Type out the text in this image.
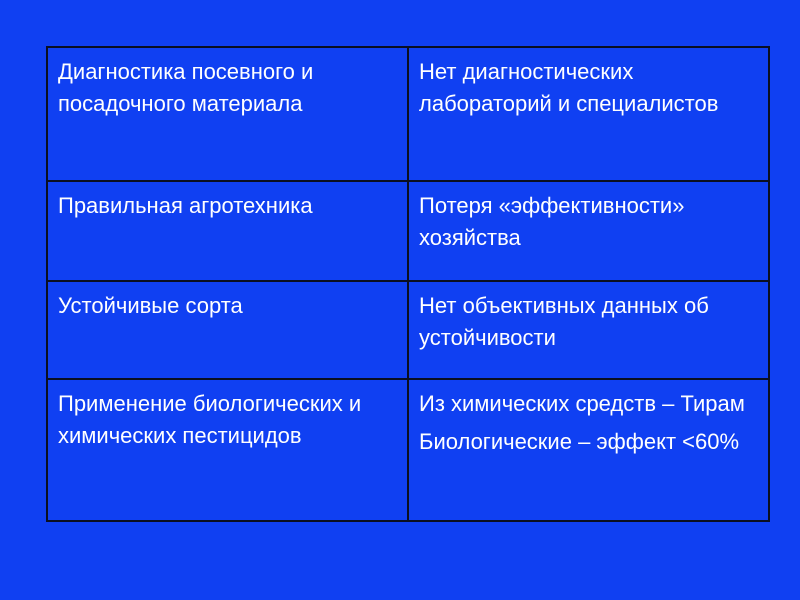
Диагностика посевного и посадочного материала	Нет диагностических лабораторий и специалистов

Правильная агротехника	Потеря «эффективности» хозяйства

Устойчивые сорта	Нет объективных данных об устойчивости

Применение биологических и химических пестицидов	Из химических средств – Тирам
Биологические – эффект <60%
